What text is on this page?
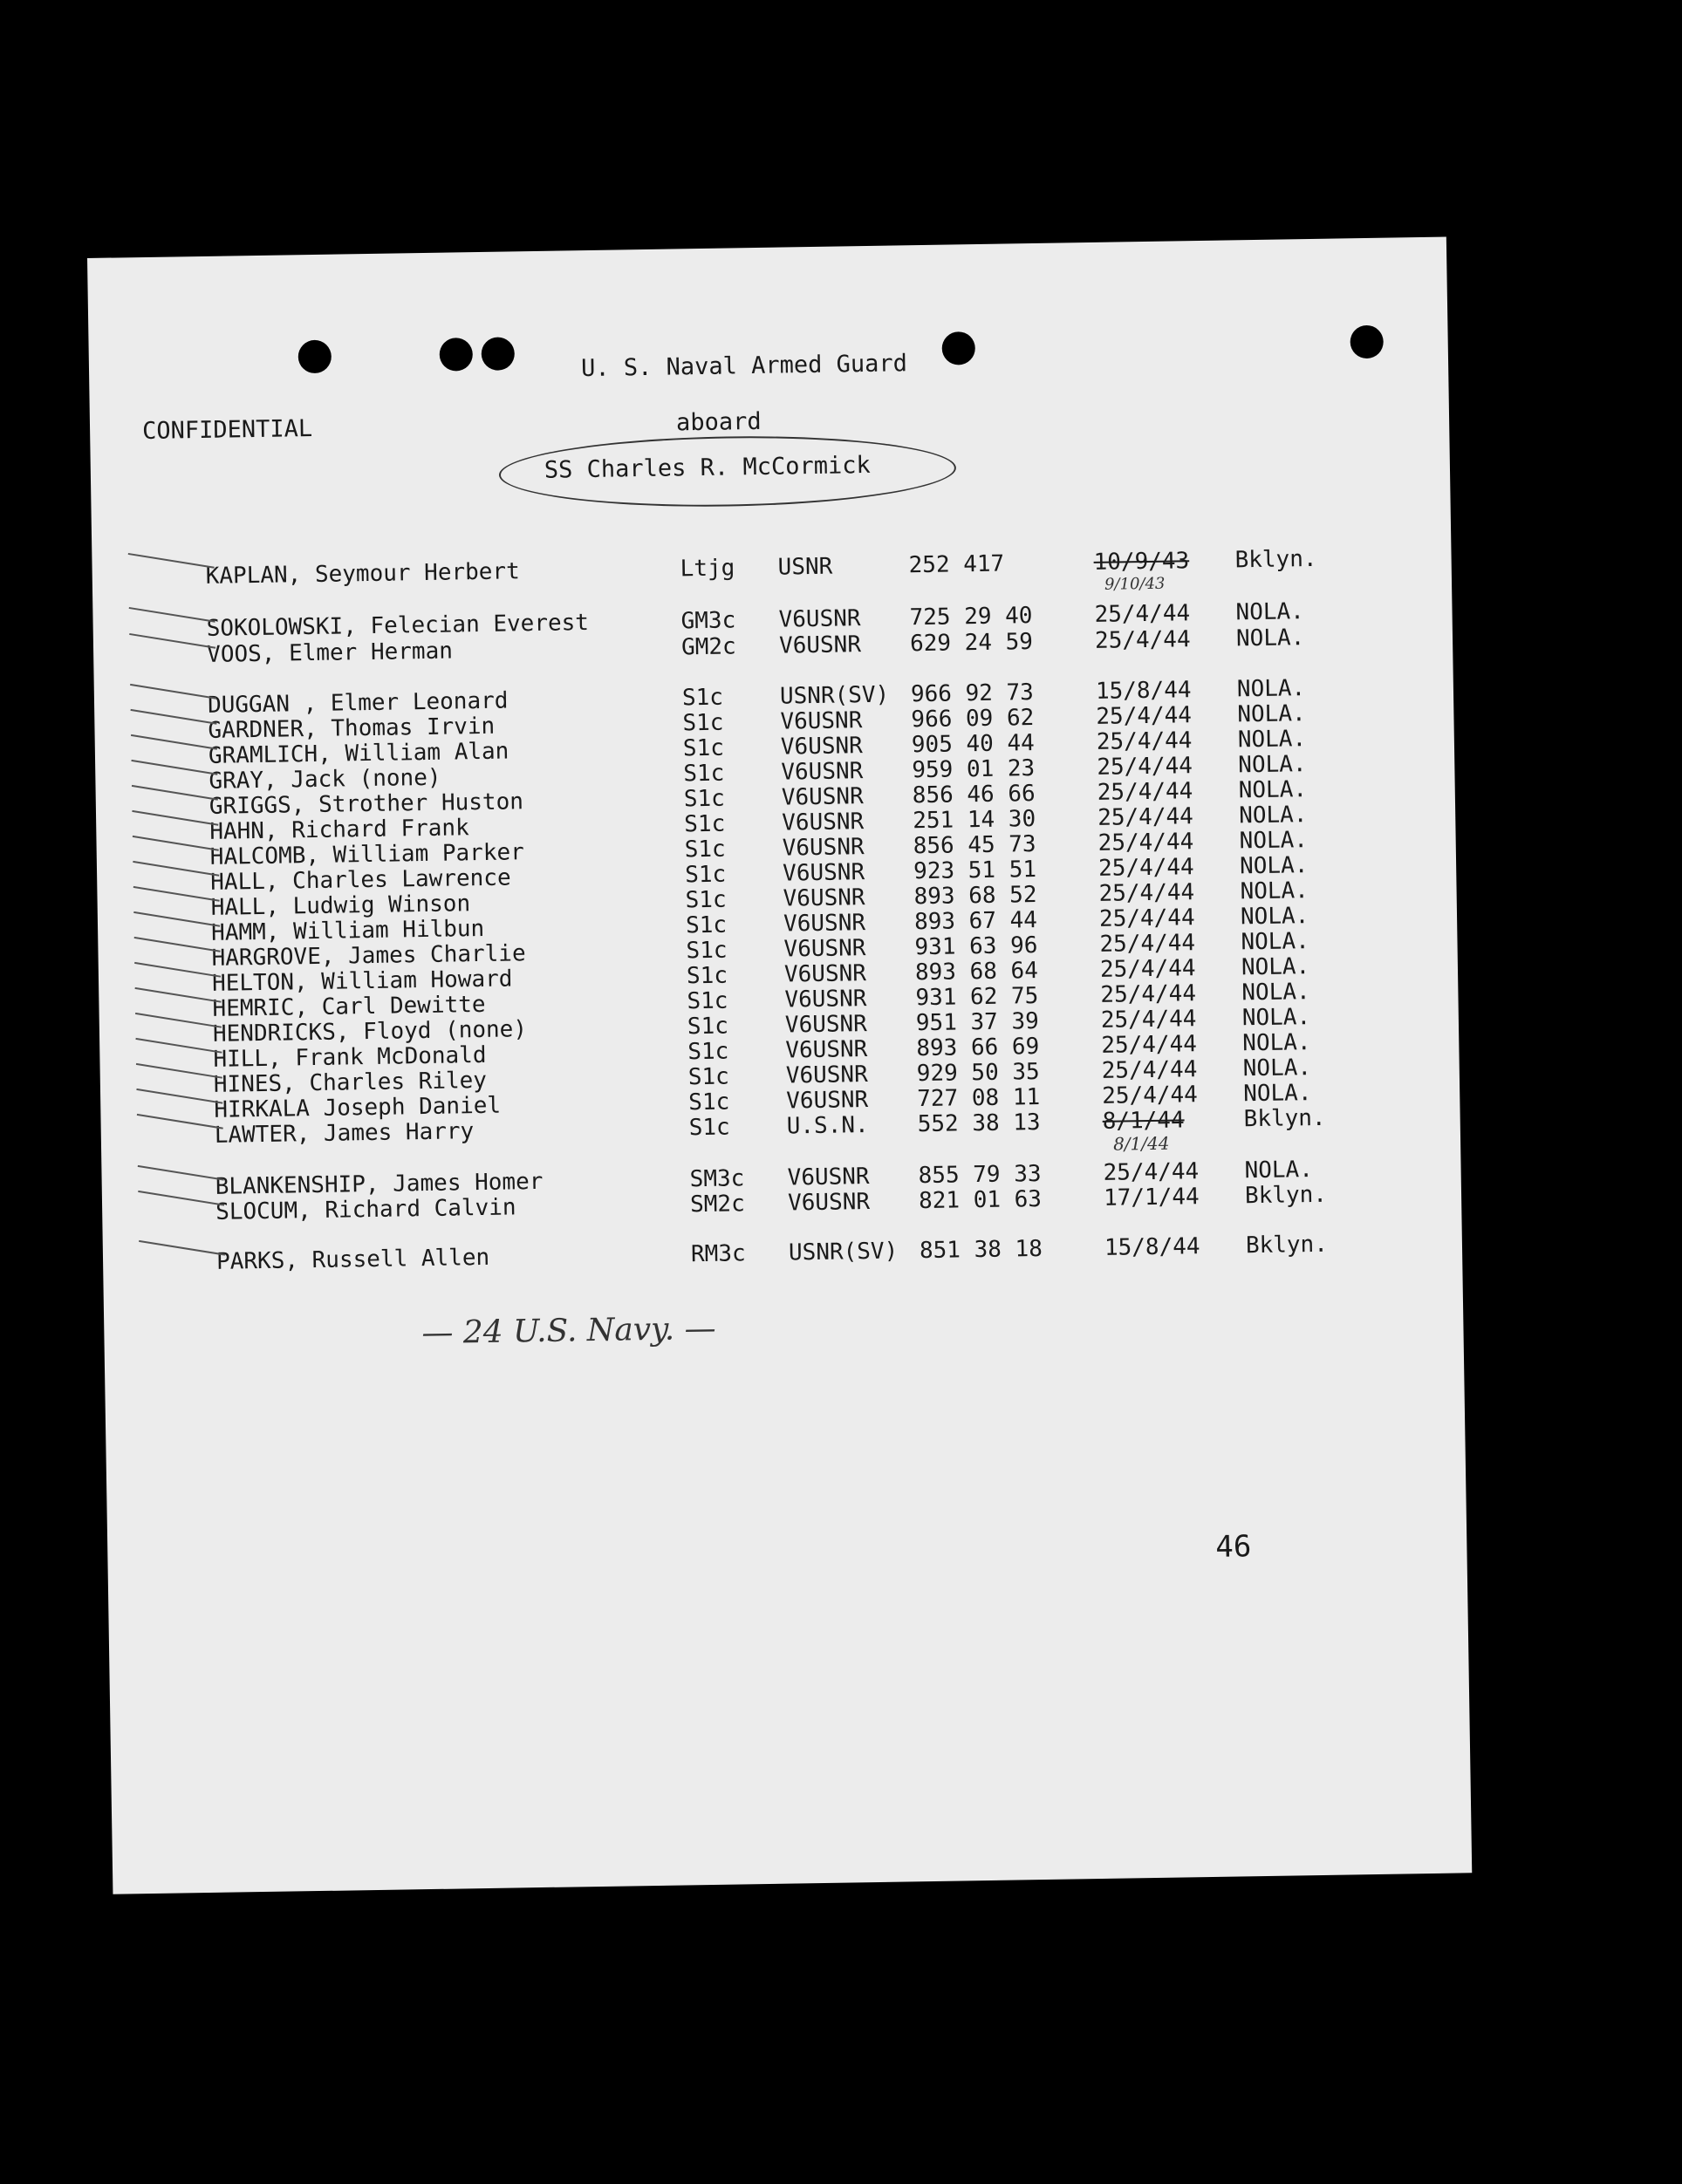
U. S. Naval Armed Guard
CONFIDENTIAL	aboard
SS Charles R. McCormick
KAPLAN, Seymour Herbert	Ltjg USNR	252 417	10/9/43 Bklyn.
9/10/43
SOKOLOWSKI, Felecian Everest	GM3c V6USNR 725 29 40	25/4/44 NOLA.
VOOS, Elmer Herman	GM2c V6USNR 629 24 59	25/4/44 NOLA.
DUGGAN , Elmer Leonard	S1c USNR(SV) 966 92 73	15/8/44 NOLA.
GARDNER, Thomas Irvin	S1c V6USNR 966 09 62	25/4/44 NOLA.
GRAMLICH, William Alan	S1c V6USNR 905 40 44	25/4/44 NOLA.
GRAY, Jack (none)	S1c V6USNR 959 01 23	25/4/44 NOLA.
GRIGGS, Strother Huston	S1c V6USNR 856 46 66	25/4/44 NOLA.
HAHN, Richard Frank	S1c V6USNR 251 14 30	25/4/44 NOLA.
HALCOMB, William Parker	S1c V6USNR 856 45 73	25/4/44 NOLA.
HALL, Charles Lawrence	S1c V6USNR 923 51 51	25/4/44 NOLA.
HALL, Ludwig Winson	S1c V6USNR 893 68 52	25/4/44 NOLA.
HAMM, William Hilbun	S1c V6USNR 893 67 44	25/4/44 NOLA.
HARGROVE, James Charlie	S1c V6USNR 931 63 96	25/4/44 NOLA.
HELTON, William Howard	S1c V6USNR 893 68 64	25/4/44 NOLA.
HEMRIC, Carl Dewitte	S1c V6USNR 931 62 75	25/4/44 NOLA.
HENDRICKS, Floyd (none)	S1c V6USNR 951 37 39	25/4/44 NOLA.
HILL, Frank McDonald	S1c V6USNR 893 66 69	25/4/44 NOLA.
HINES, Charles Riley	S1c V6USNR 929 50 35	25/4/44 NOLA.
HIRKALA Joseph Daniel	S1c V6USNR 727 08 11	25/4/44 NOLA.
LAWTER, James Harry	S1c U.S.N. 552 38 13	8/1/44	Bklyn.
8/1/44
BLANKENSHIP, James Homer	SM3c V6USNR 855 79 33	25/4/44 NOLA.
SLOCUM, Richard Calvin	SM2c V6USNR 821 01 63	17/1/44 Bklyn.
PARKS, Russell Allen	RM3c USNR(SV) 851 38 18	15/8/44 Bklyn.
— 24 U.S. Navy. —
46
